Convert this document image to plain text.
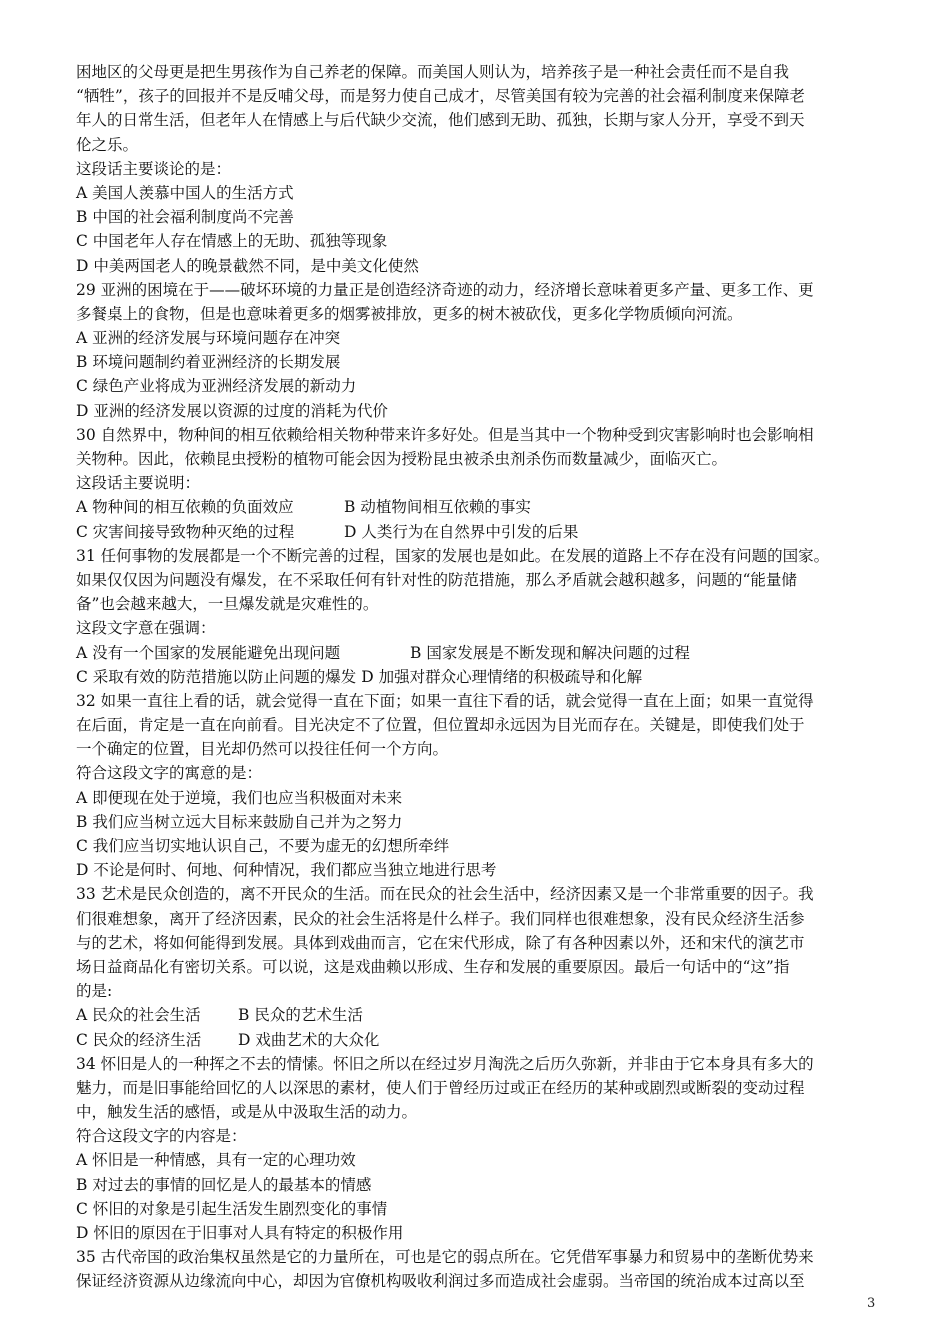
困地区的父母更是把生男孩作为自己养老的保障。而美国人则认为，培养孩子是一种社会责任而不是自我
“牺牲”，孩子的回报并不是反哺父母，而是努力使自己成才，尽管美国有较为完善的社会福利制度来保障老
年人的日常生活，但老年人在情感上与后代缺少交流，他们感到无助、孤独，长期与家人分开，享受不到天
伦之乐。
这段话主要谈论的是：
A 美国人羡慕中国人的生活方式
B 中国的社会福利制度尚不完善
C 中国老年人存在情感上的无助、孤独等现象
D 中美两国老人的晚景截然不同，是中美文化使然
29 亚洲的困境在于——破坏环境的力量正是创造经济奇迹的动力，经济增长意味着更多产量、更多工作、更
多餐桌上的食物，但是也意味着更多的烟雾被排放，更多的树木被砍伐，更多化学物质倾向河流。
A 亚洲的经济发展与环境问题存在冲突
B 环境问题制约着亚洲经济的长期发展
C 绿色产业将成为亚洲经济发展的新动力
D 亚洲的经济发展以资源的过度的消耗为代价
30 自然界中，物种间的相互依赖给相关物种带来许多好处。但是当其中一个物种受到灾害影响时也会影响相
关物种。因此，依赖昆虫授粉的植物可能会因为授粉昆虫被杀虫剂杀伤而数量减少，面临灭亡。
这段话主要说明：
A 物种间的相互依赖的负面效应	B 动植物间相互依赖的事实
C 灾害间接导致物种灭绝的过程	D 人类行为在自然界中引发的后果
31 任何事物的发展都是一个不断完善的过程，国家的发展也是如此。在发展的道路上不存在没有问题的国家。
如果仅仅因为问题没有爆发，在不采取任何有针对性的防范措施，那么矛盾就会越积越多，问题的“能量储
备”也会越来越大，一旦爆发就是灾难性的。
这段文字意在强调：
A 没有一个国家的发展能避免出现问题	B 国家发展是不断发现和解决问题的过程
C 采取有效的防范措施以防止问题的爆发 D 加强对群众心理情绪的积极疏导和化解
32 如果一直往上看的话，就会觉得一直在下面；如果一直往下看的话，就会觉得一直在上面；如果一直觉得
在后面，肯定是一直在向前看。目光决定不了位置，但位置却永远因为目光而存在。关键是，即使我们处于
一个确定的位置，目光却仍然可以投往任何一个方向。
符合这段文字的寓意的是：
A 即便现在处于逆境，我们也应当积极面对未来
B 我们应当树立远大目标来鼓励自己并为之努力
C 我们应当切实地认识自己，不要为虚无的幻想所牵绊
D 不论是何时、何地、何种情况，我们都应当独立地进行思考
33 艺术是民众创造的，离不开民众的生活。而在民众的社会生活中，经济因素又是一个非常重要的因子。我
们很难想象，离开了经济因素，民众的社会生活将是什么样子。我们同样也很难想象，没有民众经济生活参
与的艺术，将如何能得到发展。具体到戏曲而言，它在宋代形成，除了有各种因素以外，还和宋代的演艺市
场日益商品化有密切关系。可以说，这是戏曲赖以形成、生存和发展的重要原因。最后一句话中的“这”指
的是:
A 民众的社会生活	B 民众的艺术生活
C 民众的经济生活	D 戏曲艺术的大众化
34 怀旧是人的一种挥之不去的情愫。怀旧之所以在经过岁月淘洗之后历久弥新，并非由于它本身具有多大的
魅力，而是旧事能给回忆的人以深思的素材，使人们于曾经历过或正在经历的某种或剧烈或断裂的变动过程
中，触发生活的感悟，或是从中汲取生活的动力。
符合这段文字的内容是：
A 怀旧是一种情感，具有一定的心理功效
B 对过去的事情的回忆是人的最基本的情感
C 怀旧的对象是引起生活发生剧烈变化的事情
D 怀旧的原因在于旧事对人具有特定的积极作用
35 古代帝国的政治集权虽然是它的力量所在，可也是它的弱点所在。它凭借军事暴力和贸易中的垄断优势来
保证经济资源从边缘流向中心，却因为官僚机构吸收利润过多而造成社会虚弱。当帝国的统治成本过高以至
3
